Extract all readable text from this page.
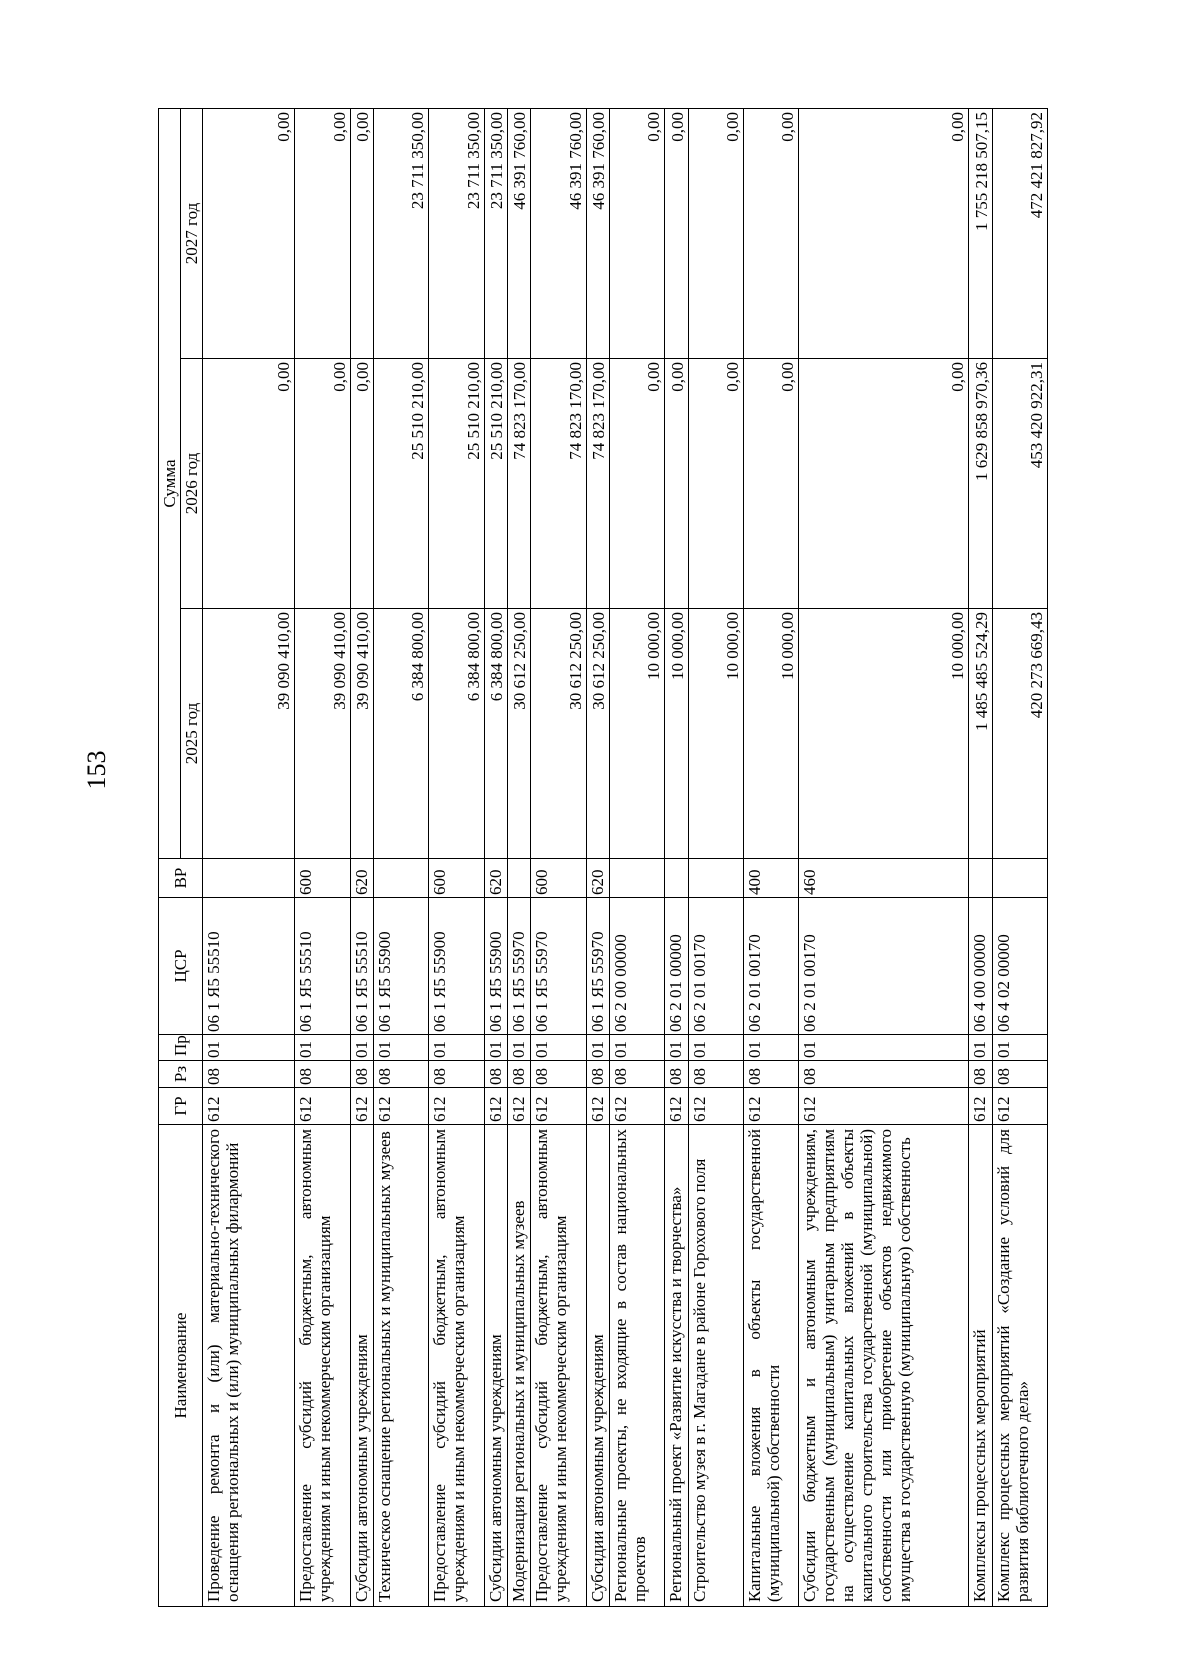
153
Наименование	ГР	Рз	Пр	ЦСР	ВР	Сумма		
						2025 год	2026 год	2027 год
Проведение ремонта и (или) материально-технического оснащения региональных и (или) муниципальных филармоний	612	08	01	06 1 Я5 55510		39 090 410,00	0,00	0,00
Предоставление субсидий бюджетным, автономным учреждениям и иным некоммерческим организациям	612	08	01	06 1 Я5 55510	600	39 090 410,00	0,00	0,00
Субсидии автономным учреждениям	612	08	01	06 1 Я5 55510	620	39 090 410,00	0,00	0,00
Техническое оснащение региональных и муниципальных музеев	612	08	01	06 1 Я5 55900		6 384 800,00	25 510 210,00	23 711 350,00
Предоставление субсидий бюджетным, автономным учреждениям и иным некоммерческим организациям	612	08	01	06 1 Я5 55900	600	6 384 800,00	25 510 210,00	23 711 350,00
Субсидии автономным учреждениям	612	08	01	06 1 Я5 55900	620	6 384 800,00	25 510 210,00	23 711 350,00
Модернизация региональных и муниципальных музеев	612	08	01	06 1 Я5 55970		30 612 250,00	74 823 170,00	46 391 760,00
Предоставление субсидий бюджетным, автономным учреждениям и иным некоммерческим организациям	612	08	01	06 1 Я5 55970	600	30 612 250,00	74 823 170,00	46 391 760,00
Субсидии автономным учреждениям	612	08	01	06 1 Я5 55970	620	30 612 250,00	74 823 170,00	46 391 760,00
Региональные проекты, не входящие в состав национальных проектов	612	08	01	06 2 00 00000		10 000,00	0,00	0,00
Региональный проект «Развитие искусства и творчества»	612	08	01	06 2 01 00000		10 000,00	0,00	0,00
Строительство музея в г. Магадане в районе Горохового поля	612	08	01	06 2 01 00170		10 000,00	0,00	0,00
Капитальные вложения в объекты государственной (муниципальной) собственности	612	08	01	06 2 01 00170	400	10 000,00	0,00	0,00
Субсидии бюджетным и автономным учреждениям, государственным (муниципальным) унитарным предприятиям на осуществление капитальных вложений в объекты капитального строительства государственной (муниципальной) собственности или приобретение объектов недвижимого имущества в государственную (муниципальную) собственность	612	08	01	06 2 01 00170	460	10 000,00	0,00	0,00
Комплексы процессных мероприятий	612	08	01	06 4 00 00000		1 485 485 524,29	1 629 858 970,36	1 755 218 507,15
Комплекс процессных мероприятий «Создание условий для развития библиотечного дела»	612	08	01	06 4 02 00000		420 273 669,43	453 420 922,31	472 421 827,92
